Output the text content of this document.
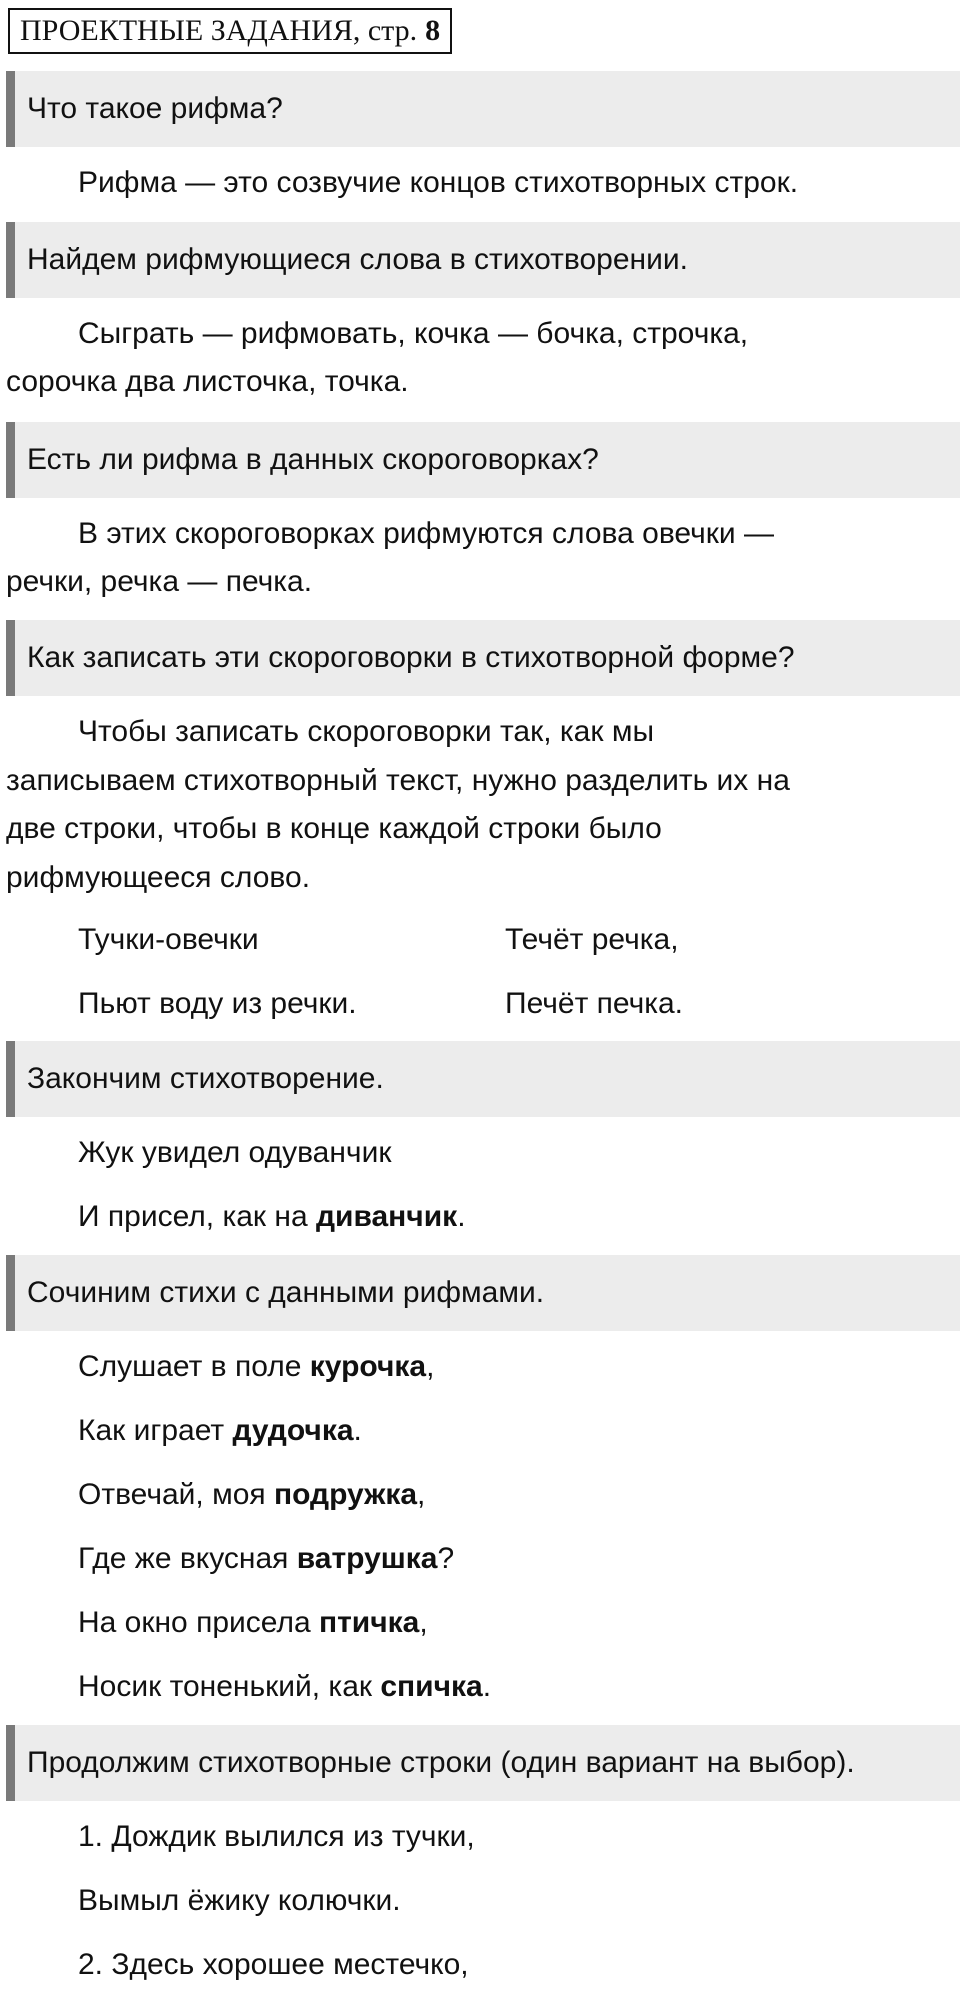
ПРОЕКТНЫЕ ЗАДАНИЯ, стр. 8
Что такое рифма?
Рифма — это созвучие концов стихотворных строк.
Найдем рифмующиеся слова в стихотворении.
Сыграть — рифмовать, кочка — бочка, строчка,
сорочка два листочка, точка.
Есть ли рифма в данных скороговорках?
В этих скороговорках рифмуются слова овечки —
речки, речка — печка.
Как записать эти скороговорки в стихотворной форме?
Чтобы записать скороговорки так, как мы
записываем стихотворный текст, нужно разделить их на
две строки, чтобы в конце каждой строки было
рифмующееся слово.
Тучки-овечки	Течёт речка,
Пьют воду из речки.	Печёт печка.
Закончим стихотворение.
Жук увидел одуванчик
И присел, как на диванчик.
Сочиним стихи с данными рифмами.
Слушает в поле курочка,
Как играет дудочка.
Отвечай, моя подружка,
Где же вкусная ватрушка?
На окно присела птичка,
Носик тоненький, как спичка.
Продолжим стихотворные строки (один вариант на выбор).
1. Дождик вылился из тучки,
Вымыл ёжику колючки.
2. Здесь хорошее местечко,
